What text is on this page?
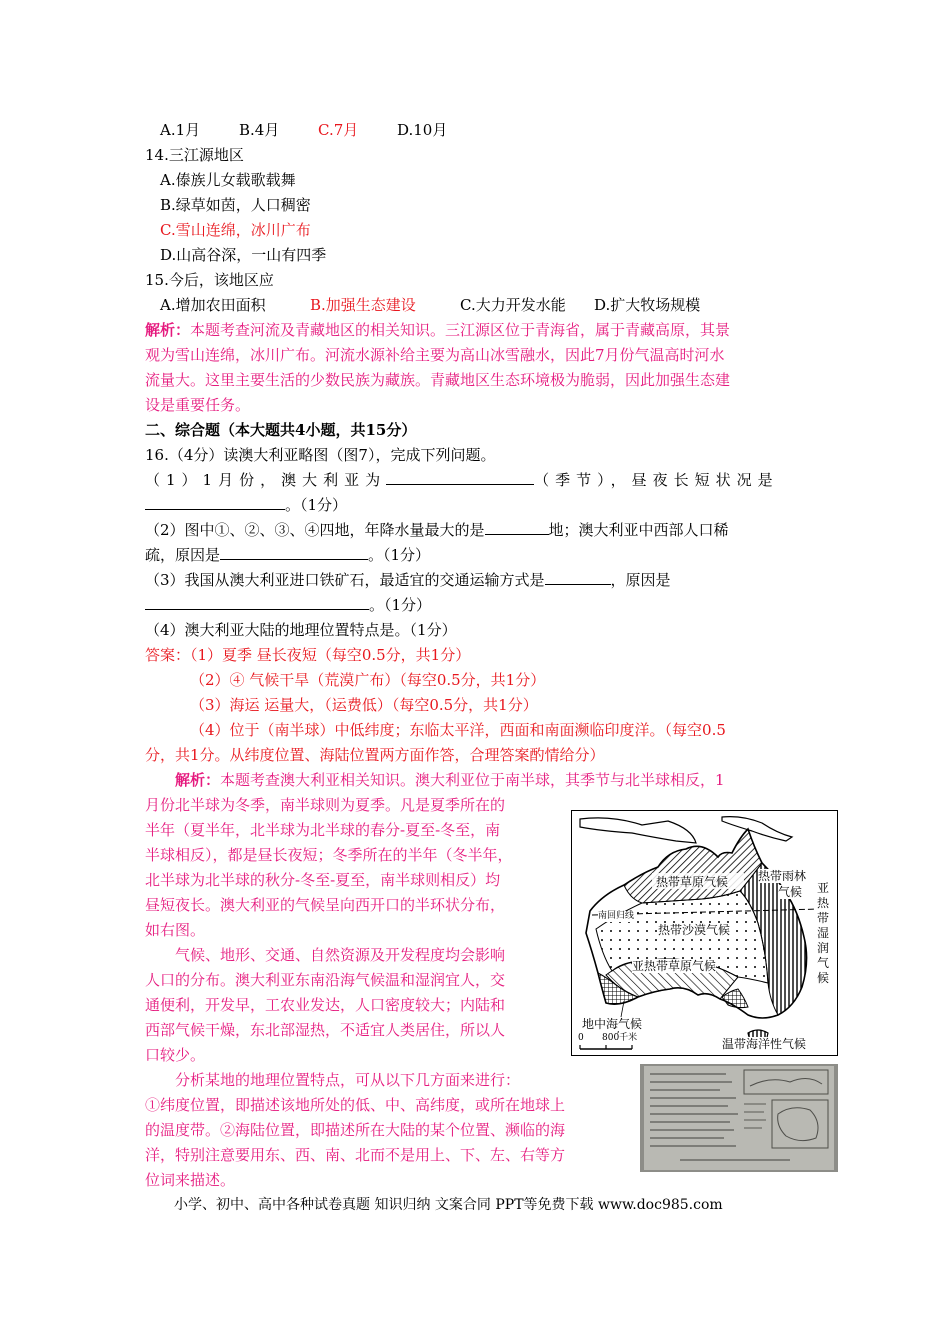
A.1月	B.4月	C.7月	D.10月
14.三江源地区
A.傣族儿女载歌载舞
B.绿草如茵，人口稠密
C.雪山连绵，冰川广布
D.山高谷深，一山有四季
15.今后，该地区应
A.增加农田面积	B.加强生态建设	C.大力开发水能 D.扩大牧场规模
解析：本题考查河流及青藏地区的相关知识。三江源区位于青海省，属于青藏高原，其景
观为雪山连绵，冰川广布。河流水源补给主要为高山冰雪融水，因此7月份气温高时河水
流量大。这里主要生活的少数民族为藏族。青藏地区生态环境极为脆弱，因此加强生态建
设是重要任务。
二、综合题（本大题共4小题，共15分）
16.（4分）读澳大利亚略图（图7），完成下列问题。
（1）1月份，澳大利亚为	（季节），昼夜长短状况是
。（1分）
（2）图中①、②、③、④四地，年降水量最大的是	地；澳大利亚中西部人口稀
疏，原因是	。（1分）
（3）我国从澳大利亚进口铁矿石，最适宜的交通运输方式是	，原因是
。（1分）
（4）澳大利亚大陆的地理位置特点是。（1分）
答案：（1）夏季 昼长夜短（每空0.5分，共1分）
（2）④ 气候干旱（荒漠广布）（每空0.5分，共1分）
（3）海运 运量大，（运费低）（每空0.5分，共1分）
（4）位于（南半球）中低纬度；东临太平洋，西面和南面濒临印度洋。（每空0.5
分，共1分。从纬度位置、海陆位置两方面作答，合理答案酌情给分）
解析：本题考查澳大利亚相关知识。澳大利亚位于南半球，其季节与北半球相反，1
月份北半球为冬季，南半球则为夏季。凡是夏季所在的
半年（夏半年，北半球为北半球的春分-夏至-冬至，南
半球相反），都是昼长夜短；冬季所在的半年（冬半年，
北半球为北半球的秋分-冬至-夏至，南半球则相反）均
昼短夜长。澳大利亚的气候呈向西开口的半环状分布，
如右图。
气候、地形、交通、自然资源及开发程度均会影响
人口的分布。澳大利亚东南沿海气候温和湿润宜人，交
通便利，开发早，工农业发达，人口密度较大；内陆和
西部气候干燥，东北部湿热，不适宜人类居住，所以人
口较少。
分析某地的地理位置特点，可从以下几方面来进行：
①纬度位置，即描述该地所处的低、中、高纬度，或所在地球上
的温度带。②海陆位置，即描述所在大陆的某个位置、濒临的海
洋，特别注意要用东、西、南、北而不是用上、下、左、右等方
位词来描述。
热带草原气候 热带雨林
气候
南回归线
热带沙漠气候
亚
热
带
湿
润
气
候
亚热带草原气候
地中海气候
温带海洋性气候
0 800千米
小学、初中、高中各种试卷真题 知识归纳 文案合同 PPT等免费下载 www.doc985.com
